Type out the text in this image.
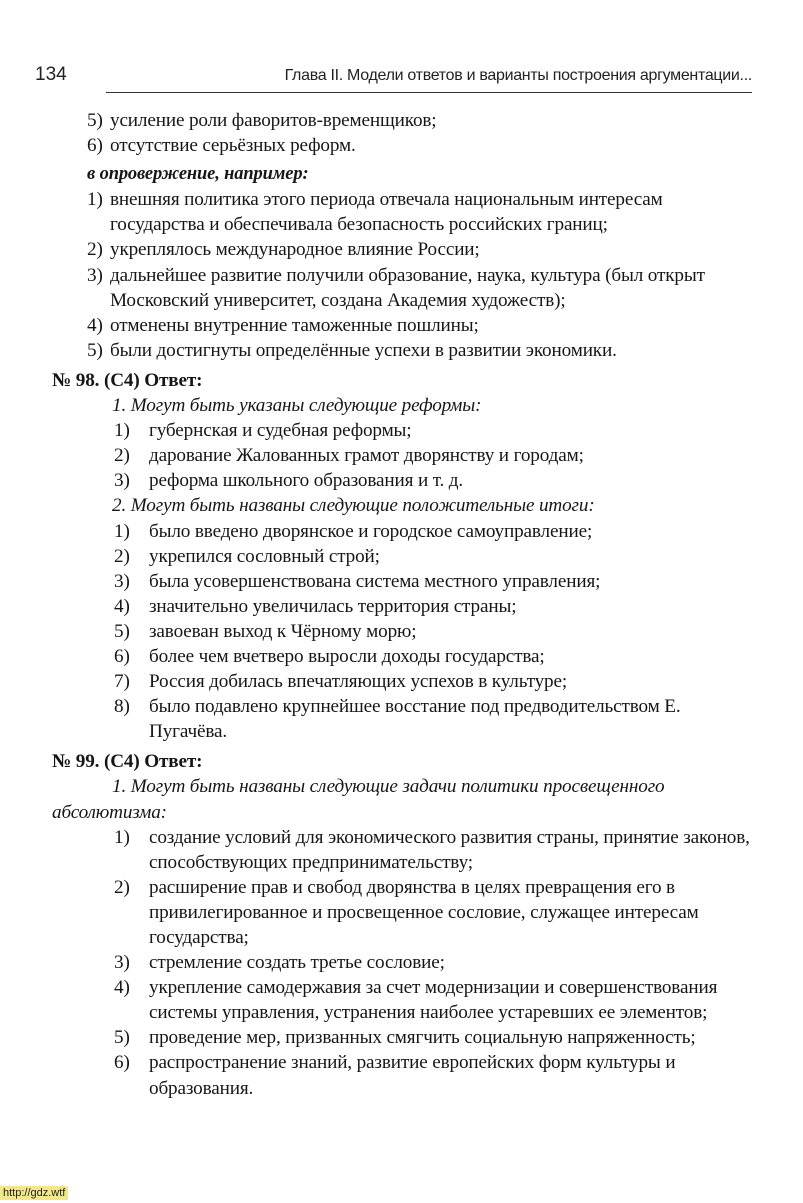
134	Глава II. Модели ответов и варианты построения аргументации...
5) усиление роли фаворитов-временщиков;
6) отсутствие серьёзных реформ.
в опровержение, например:
1) внешняя политика этого периода отвечала национальным интересам государства и обеспечивала безопасность российских границ;
2) укреплялось международное влияние России;
3) дальнейшее развитие получили образование, наука, культура (был открыт Московский университет, создана Академия художеств);
4) отменены внутренние таможенные пошлины;
5) были достигнуты определённые успехи в развитии экономики.
№ 98. (С4) Ответ:
1. Могут быть указаны следующие реформы:
1) губернская и судебная реформы;
2) дарование Жалованных грамот дворянству и городам;
3) реформа школьного образования и т. д.
2. Могут быть названы следующие положительные итоги:
1) было введено дворянское и городское самоуправление;
2) укрепился сословный строй;
3) была усовершенствована система местного управления;
4) значительно увеличилась территория страны;
5) завоеван выход к Чёрному морю;
6) более чем вчетверо выросли доходы государства;
7) Россия добилась впечатляющих успехов в культуре;
8) было подавлено крупнейшее восстание под предводительством Е. Пугачёва.
№ 99. (С4) Ответ:
1. Могут быть названы следующие задачи политики просвещенного абсолютизма:
1) создание условий для экономического развития страны, принятие законов, способствующих предпринимательству;
2) расширение прав и свобод дворянства в целях превращения его в привилегированное и просвещенное сословие, служащее интересам государства;
3) стремление создать третье сословие;
4) укрепление самодержавия за счет модернизации и совершенствования системы управления, устранения наиболее устаревших ее элементов;
5) проведение мер, призванных смягчить социальную напряженность;
6) распространение знаний, развитие европейских форм культуры и образования.
http://gdz.wtf
